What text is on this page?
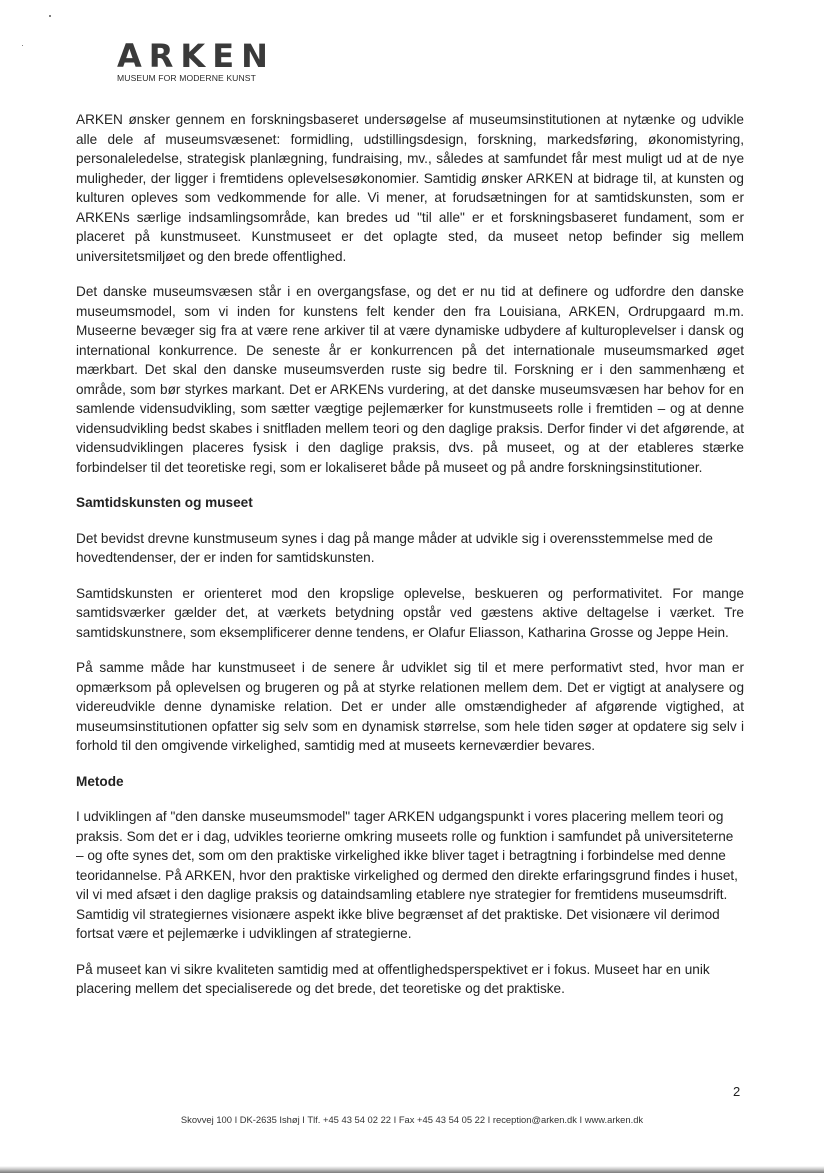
ARKEN
MUSEUM FOR MODERNE KUNST

ARKEN ønsker gennem en forskningsbaseret undersøgelse af museumsinstitutionen at nytænke og udvikle alle dele af museumsvæsenet: formidling, udstillingsdesign, forskning, markedsføring, økonomistyring, personaleledelse, strategisk planlægning, fundraising, mv., således at samfundet får mest muligt ud at de nye muligheder, der ligger i fremtidens oplevelsesøkonomier. Samtidig ønsker ARKEN at bidrage til, at kunsten og kulturen opleves som vedkommende for alle. Vi mener, at forudsætningen for at samtidskunsten, som er ARKENs særlige indsamlingsområde, kan bredes ud "til alle" er et forskningsbaseret fundament, som er placeret på kunstmuseet. Kunstmuseet er det oplagte sted, da museet netop befinder sig mellem universitetsmiljøet og den brede offentlighed.

Det danske museumsvæsen står i en overgangsfase, og det er nu tid at definere og udfordre den danske museumsmodel, som vi inden for kunstens felt kender den fra Louisiana, ARKEN, Ordrupgaard m.m. Museerne bevæger sig fra at være rene arkiver til at være dynamiske udbydere af kulturoplevelser i dansk og international konkurrence. De seneste år er konkurrencen på det internationale museumsmarked øget mærkbart. Det skal den danske museumsverden ruste sig bedre til. Forskning er i den sammenhæng et område, som bør styrkes markant. Det er ARKENs vurdering, at det danske museumsvæsen har behov for en samlende vidensudvikling, som sætter vægtige pejlemærker for kunstmuseets rolle i fremtiden – og at denne vidensudvikling bedst skabes i snitfladen mellem teori og den daglige praksis. Derfor finder vi det afgørende, at vidensudviklingen placeres fysisk i den daglige praksis, dvs. på museet, og at der etableres stærke forbindelser til det teoretiske regi, som er lokaliseret både på museet og på andre forskningsinstitutioner.

Samtidskunsten og museet

Det bevidst drevne kunstmuseum synes i dag på mange måder at udvikle sig i overensstemmelse med de hovedtendenser, der er inden for samtidskunsten.

Samtidskunsten er orienteret mod den kropslige oplevelse, beskueren og performativitet. For mange samtidsværker gælder det, at værkets betydning opstår ved gæstens aktive deltagelse i værket. Tre samtidskunstnere, som eksemplificerer denne tendens, er Olafur Eliasson, Katharina Grosse og Jeppe Hein.

På samme måde har kunstmuseet i de senere år udviklet sig til et mere performativt sted, hvor man er opmærksom på oplevelsen og brugeren og på at styrke relationen mellem dem. Det er vigtigt at analysere og videreudvikle denne dynamiske relation. Det er under alle omstændigheder af afgørende vigtighed, at museumsinstitutionen opfatter sig selv som en dynamisk størrelse, som hele tiden søger at opdatere sig selv i forhold til den omgivende virkelighed, samtidig med at museets kerneværdier bevares.

Metode

I udviklingen af "den danske museumsmodel" tager ARKEN udgangspunkt i vores placering mellem teori og praksis. Som det er i dag, udvikles teorierne omkring museets rolle og funktion i samfundet på universiteterne – og ofte synes det, som om den praktiske virkelighed ikke bliver taget i betragtning i forbindelse med denne teoridannelse. På ARKEN, hvor den praktiske virkelighed og dermed den direkte erfaringsgrund findes i huset, vil vi med afsæt i den daglige praksis og dataindsamling etablere nye strategier for fremtidens museumsdrift. Samtidig vil strategiernes visionære aspekt ikke blive begrænset af det praktiske. Det visionære vil derimod fortsat være et pejlemærke i udviklingen af strategierne.

På museet kan vi sikre kvaliteten samtidig med at offentlighedsperspektivet er i fokus. Museet har en unik placering mellem det specialiserede og det brede, det teoretiske og det praktiske.

2
Skovvej 100 I DK-2635 Ishøj I Tlf. +45 43 54 02 22 I Fax +45 43 54 05 22 I reception@arken.dk I www.arken.dk
